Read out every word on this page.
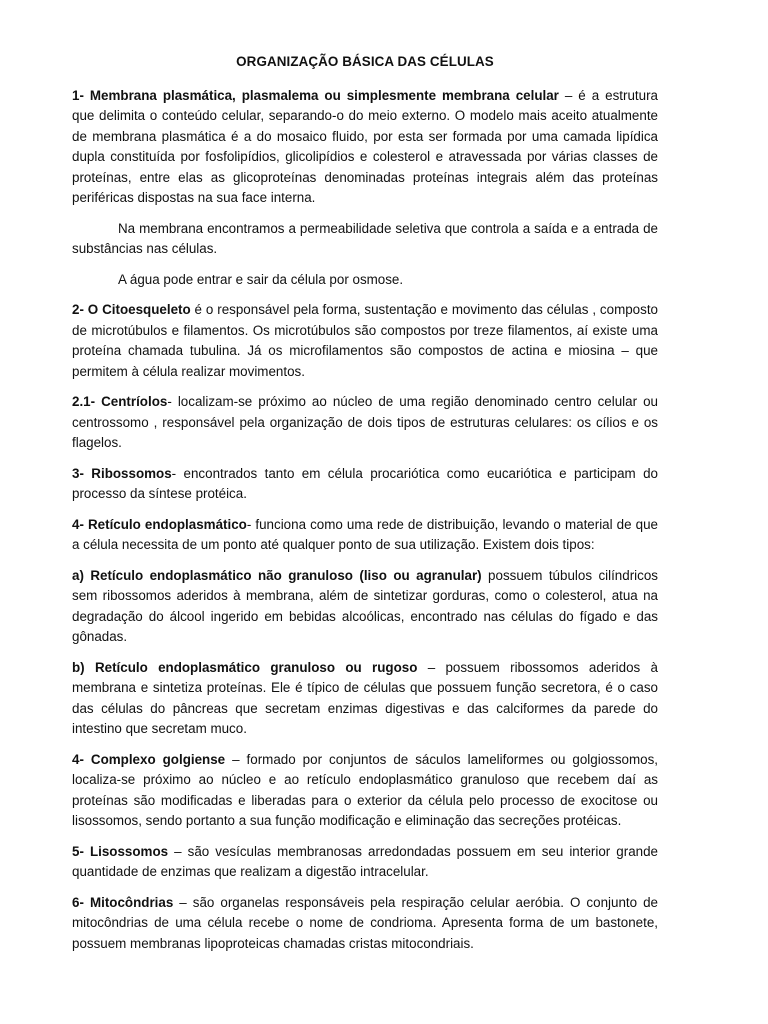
ORGANIZAÇÃO BÁSICA DAS CÉLULAS

1- Membrana plasmática, plasmalema ou simplesmente membrana celular – é a estrutura que delimita o conteúdo celular, separando-o do meio externo. O modelo mais aceito atualmente de membrana plasmática é a do mosaico fluido, por esta ser formada por uma camada lipídica dupla constituída por fosfolipídios, glicolipídios e colesterol e atravessada por várias classes de proteínas, entre elas as glicoproteínas denominadas proteínas integrais além das proteínas periféricas dispostas na sua face interna.

Na membrana encontramos a permeabilidade seletiva que controla a saída e a entrada de substâncias nas células.

A água pode entrar e sair da célula por osmose.

2- O Citoesqueleto é o responsável pela forma, sustentação e movimento das células , composto de microtúbulos e filamentos. Os microtúbulos são compostos por treze filamentos, aí existe uma proteína chamada tubulina. Já os microfilamentos são compostos de actina e miosina – que permitem à célula realizar movimentos.

2.1- Centríolos- localizam-se próximo ao núcleo de uma região denominado centro celular ou centrossomo , responsável pela organização de dois tipos de estruturas celulares: os cílios e os flagelos.

3- Ribossomos- encontrados tanto em célula procariótica como eucariótica e participam do processo da síntese protéica.

4- Retículo endoplasmático- funciona como uma rede de distribuição, levando o material de que a célula necessita de um ponto até qualquer ponto de sua utilização. Existem dois tipos:

a) Retículo endoplasmático não granuloso (liso ou agranular) possuem túbulos cilíndricos sem ribossomos aderidos à membrana, além de sintetizar gorduras, como o colesterol, atua na degradação do álcool ingerido em bebidas alcoólicas, encontrado nas células do fígado e das gônadas.

b) Retículo endoplasmático granuloso ou rugoso – possuem ribossomos aderidos à membrana e sintetiza proteínas. Ele é típico de células que possuem função secretora, é o caso das células do pâncreas que secretam enzimas digestivas e das calciformes da parede do intestino que secretam muco.

4- Complexo golgiense – formado por conjuntos de sáculos lameliformes ou golgiossomos, localiza-se próximo ao núcleo e ao retículo endoplasmático granuloso que recebem daí as proteínas são modificadas e liberadas para o exterior da célula pelo processo de exocitose ou lisossomos, sendo portanto a sua função modificação e eliminação das secreções protéicas.

5- Lisossomos – são vesículas membranosas arredondadas possuem em seu interior grande quantidade de enzimas que realizam a digestão intracelular.

6- Mitocôndrias – são organelas responsáveis pela respiração celular aeróbia. O conjunto de mitocôndrias de uma célula recebe o nome de condrioma. Apresenta forma de um bastonete, possuem membranas lipoproteicas chamadas cristas mitocondriais.
